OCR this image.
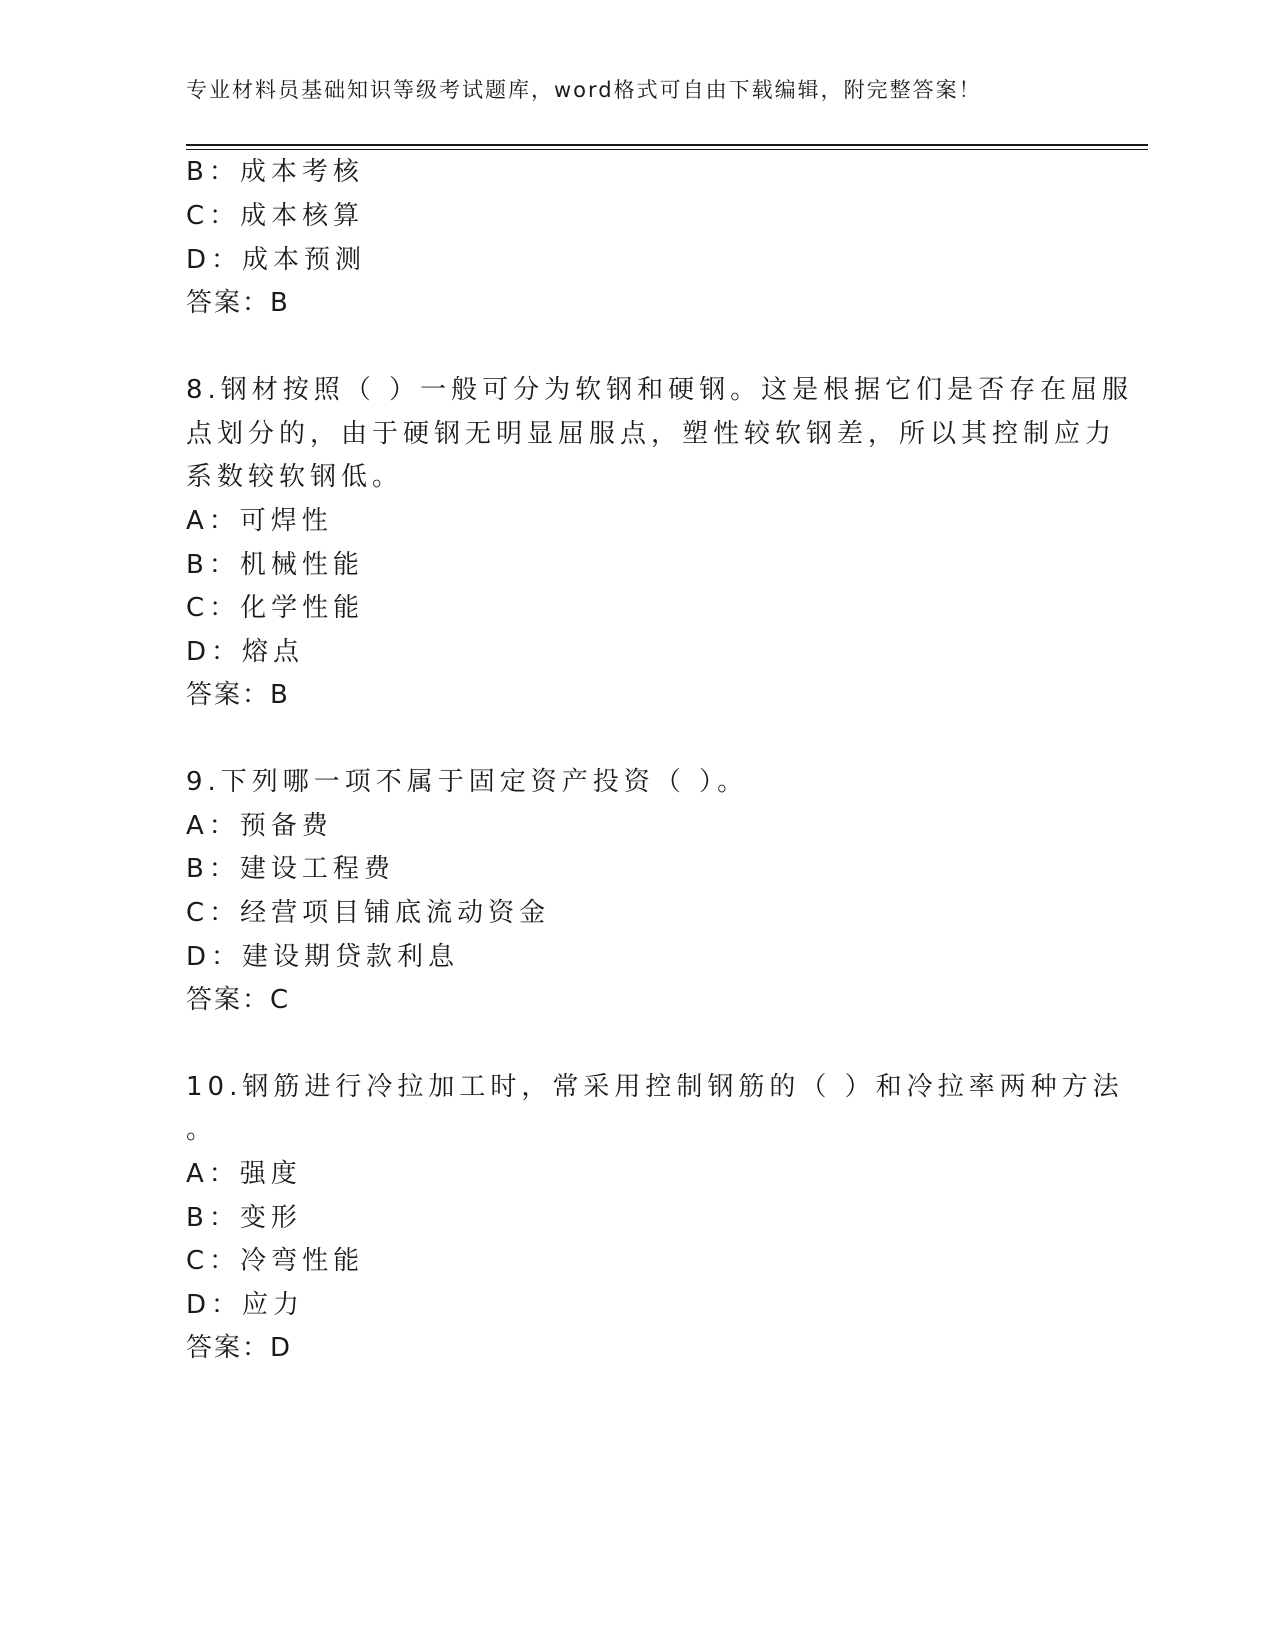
专业材料员基础知识等级考试题库，word格式可自由下载编辑，附完整答案！
B：成本考核
C：成本核算
D：成本预测
答案：B
8.钢材按照（ ）一般可分为软钢和硬钢。这是根据它们是否存在屈服
点划分的，由于硬钢无明显屈服点，塑性较软钢差，所以其控制应力
系数较软钢低。
A：可焊性
B：机械性能
C：化学性能
D：熔点
答案：B
9.下列哪一项不属于固定资产投资（ ）。
A：预备费
B：建设工程费
C：经营项目铺底流动资金
D：建设期贷款利息
答案：C
10.钢筋进行冷拉加工时，常采用控制钢筋的（ ）和冷拉率两种方法
。
A：强度
B：变形
C：冷弯性能
D：应力
答案：D
